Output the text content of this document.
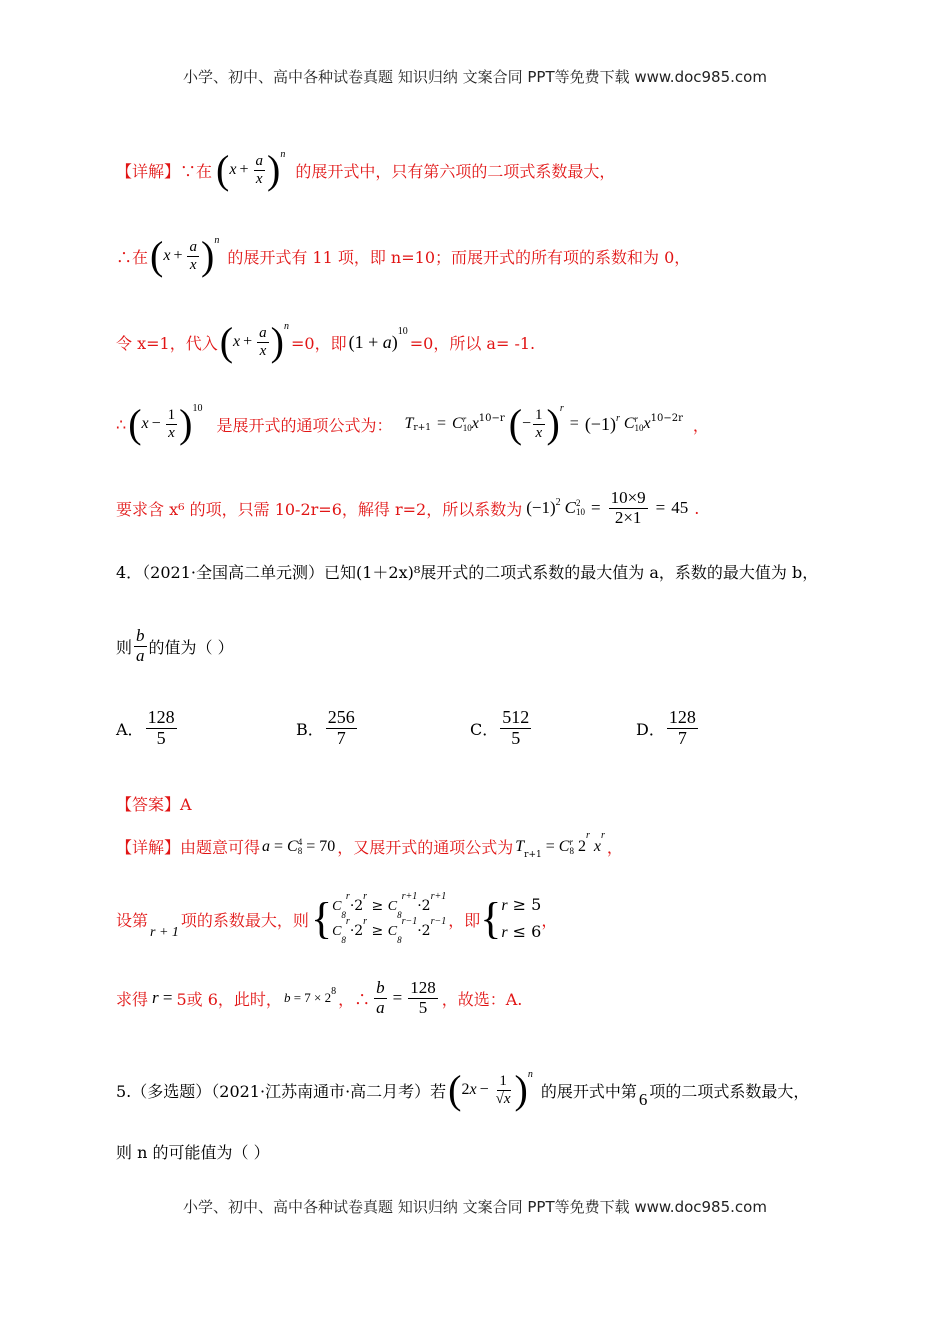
小学、初中、高中各种试卷真题 知识归纳 文案合同 PPT等免费下载 www.doc985.com
【详解】 ∵在 ( $x + \frac{a}{x}$ ) n
的展开式中，只有第六项的二项式系数最大，
∴在 ( $x + \frac{a}{x}$ ) n
的展开式有 11 项，即 n=10；而展开式的所有项的系数和为 0，
令 x=1，代入 ( $x + \frac{a}{x}$ ) n
=0，即 $(1 + a)^{10}$
=0，所以 a= -1.
∴ ( $x - \frac{1}{x}$ ) 10
是展开式的通项公式为： T r+1 = C r
10 x 10−r ( − $\frac{1}{x}$ ) r
= (−1) r C r
10 x 10−2r ，
要求含 x⁶ 的项，只需 10-2r=6，解得 r=2，所以系数为 (−1) 2 C 2
$10 = \frac{10\times 9}{2\times 1} = 45$ .
4．（2021·全国高二单元测）已知(1＋2x)⁸展开式的二项式系数的最大值为 a，系数的最大值为 b，
则 $\frac{b}{a}$ 的值为（ ）
A． $\frac{128}{5}$	B． $\frac{256}{7}$	C． $\frac{512}{5}$	D． $\frac{128}{7}$
【答案】A
【详解】由题意可得 a = C 4
8 = 70 ，又展开式的通项公式为 $T_{r+1} = C$ r
8 2$^r$ $x^r$
，
设第
r + 1
项的系数最大，则 { $C_8^r\cdot 2^r \ge C_8^{r+1}\cdot 2^{r+1}$
$C_8^r\cdot 2^r \ge C_8^{r-1}\cdot 2^{r-1}$ ，即 { r ≥ 5
r ≤ 6
，
求得 r = 5或 6，此时， $b = 7 \times 2^8$ ，∴ $\frac{b}{a} = \frac{128}{5}$ ，故选：A.
5.（多选题）（2021·江苏南通市·高二月考）若 ( $2x - \frac{1}{√x}$ ) n
的展开式中第 6 项的二项式系数最大，
则 n 的可能值为（ ）
小学、初中、高中各种试卷真题 知识归纳 文案合同 PPT等免费下载 www.doc985.com
